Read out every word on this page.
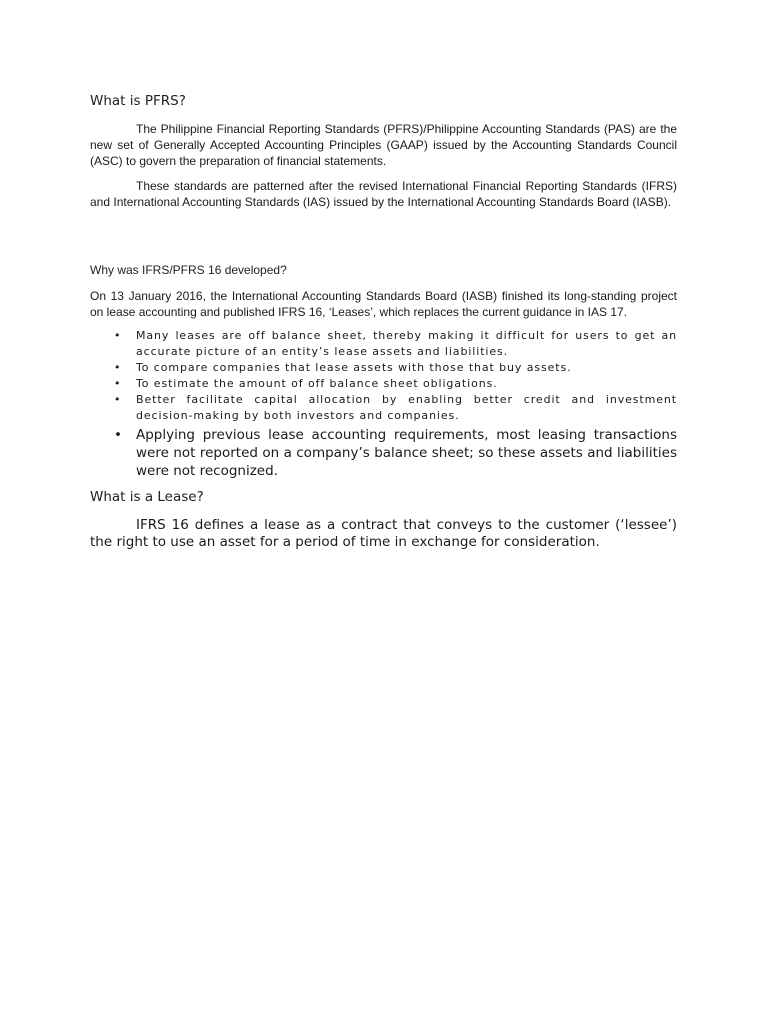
What is PFRS?

The Philippine Financial Reporting Standards (PFRS)/Philippine Accounting Standards (PAS) are the new set of Generally Accepted Accounting Principles (GAAP) issued by the Accounting Standards Council (ASC) to govern the preparation of financial statements.

These standards are patterned after the revised International Financial Reporting Standards (IFRS) and International Accounting Standards (IAS) issued by the International Accounting Standards Board (IASB).

Why was IFRS/PFRS 16 developed?

On 13 January 2016, the International Accounting Standards Board (IASB) finished its long-standing project on lease accounting and published IFRS 16, ‘Leases’, which replaces the current guidance in IAS 17.

• Many leases are off balance sheet, thereby making it difficult for users to get an accurate picture of an entity’s lease assets and liabilities.
• To compare companies that lease assets with those that buy assets.
• To estimate the amount of off balance sheet obligations.
• Better facilitate capital allocation by enabling better credit and investment decision-making by both investors and companies.
• Applying previous lease accounting requirements, most leasing transactions were not reported on a company’s balance sheet; so these assets and liabilities were not recognized.
What is a Lease?

IFRS 16 defines a lease as a contract that conveys to the customer (‘lessee’) the right to use an asset for a period of time in exchange for consideration.
